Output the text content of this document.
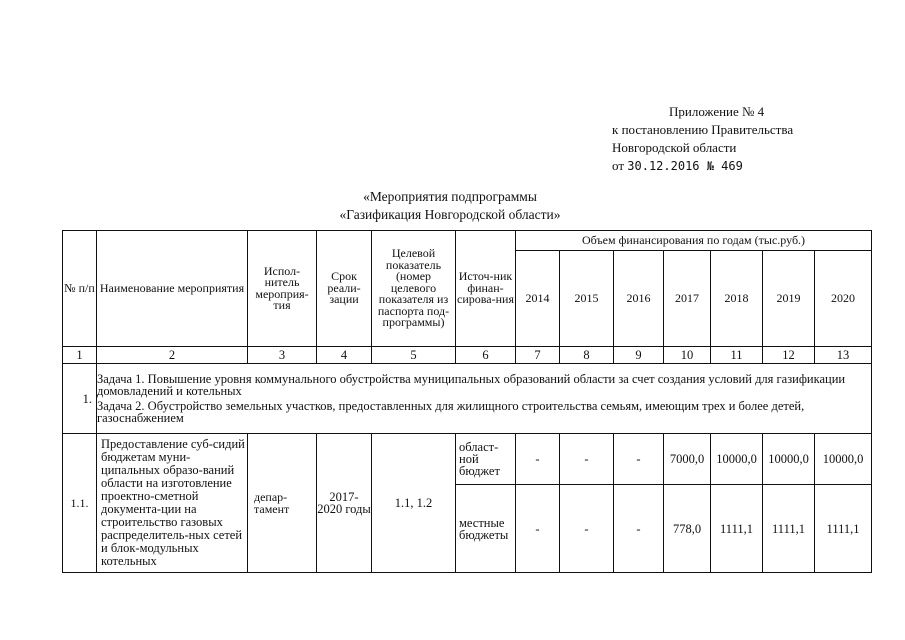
Приложение № 4
к постановлению Правительства
Новгородской области
от 30.12.2016 № 469
«Мероприятия подпрограммы
«Газификация Новгородской области»
№ п/п	Наименование мероприятия	Испол-нитель мероприя-тия	Срок реали-зации	Целевой показатель (номер целевого показателя из паспорта под-программы)	Источ-ник финан-сирова-ния	Объем финансирования по годам (тыс.руб.)						
						2014	2015	2016	2017	2018	2019	2020
1	2	3	4	5	6	7	8	9	10	11	12	13
1.	Задача 1. Повышение уровня коммунального обустройства муниципальных образований области за счет создания условий для газификации домовладений и котельных
Задача 2. Обустройство земельных участков, предоставленных для жилищного строительства семьям, имеющим трех и более детей, газоснабжением											

1.1.	Предоставление суб-сидий бюджетам муни-ципальных образо-ваний области на изготовление проектно-сметной документа-ции на строительство газовых распределитель-ных сетей и блок-модульных котельных	депар-тамент	2017-2020 годы	1.1, 1.2	област-ной бюджет	-	-	-	7000,0	10000,0	10000,0	10000,0
					местные бюджеты	-	-	-	778,0	1111,1	1111,1	1111,1
